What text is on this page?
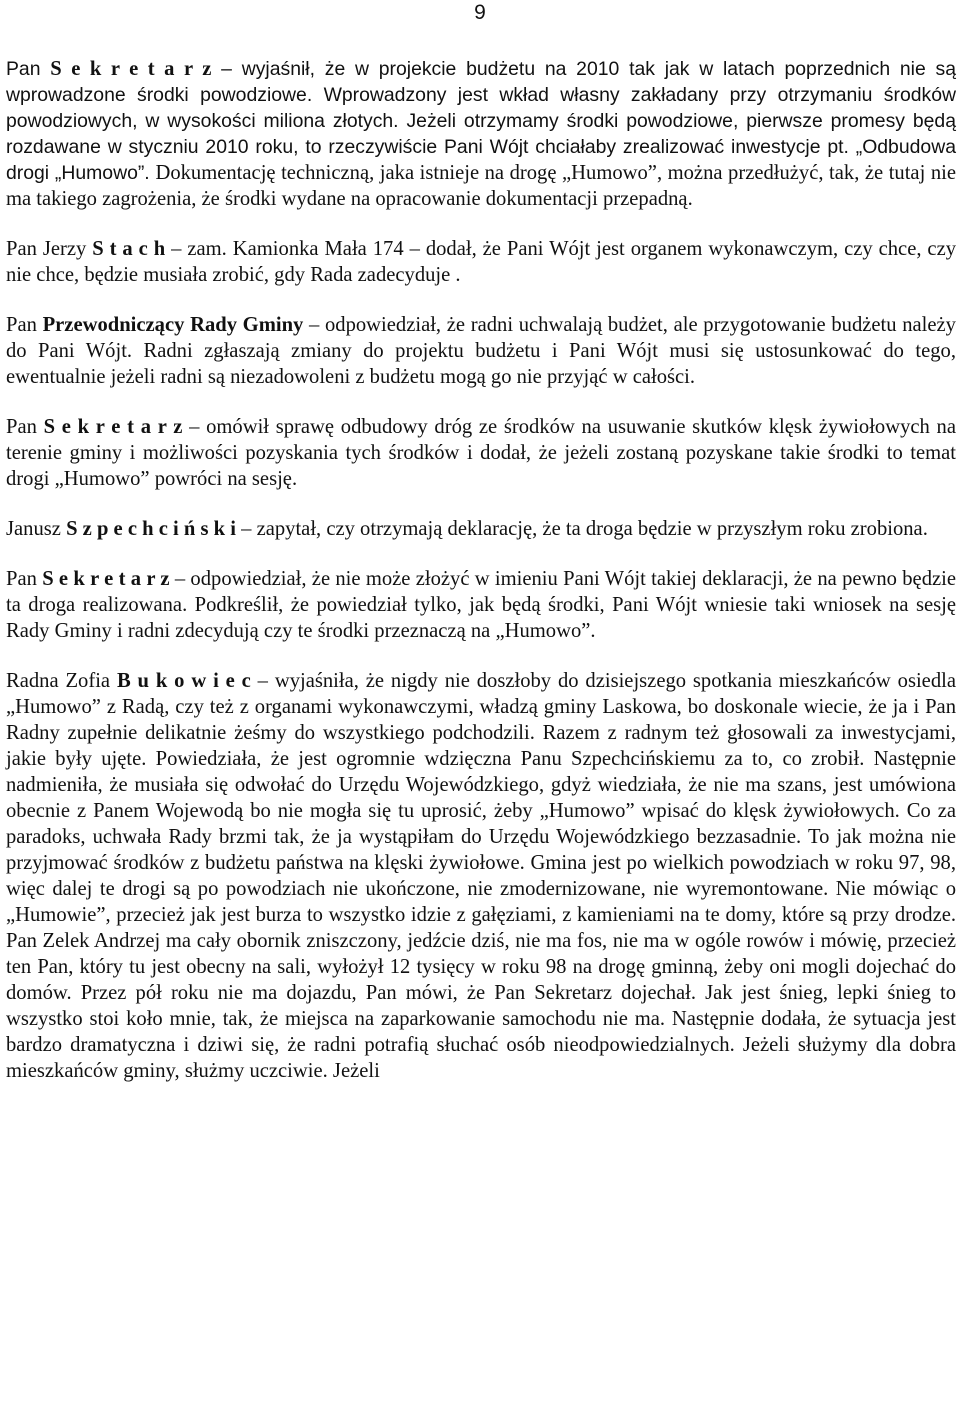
9

Pan S e k r e t a r z – wyjaśnił, że w projekcie budżetu na 2010 tak jak w latach poprzednich nie są wprowadzone środki powodziowe. Wprowadzony jest wkład własny zakładany przy otrzymaniu środków powodziowych, w wysokości miliona złotych. Jeżeli otrzymamy środki powodziowe, pierwsze promesy będą rozdawane w styczniu 2010 roku, to rzeczywiście Pani Wójt chciałaby zrealizować inwestycje pt. „Odbudowa drogi „Humowo”. Dokumentację techniczną, jaka istnieje na drogę „Humowo”, można przedłużyć, tak, że tutaj nie ma takiego zagrożenia, że środki wydane na opracowanie dokumentacji przepadną.

Pan Jerzy S t a c h – zam. Kamionka Mała 174 – dodał, że Pani Wójt jest organem wykonawczym, czy chce, czy nie chce, będzie musiała zrobić, gdy Rada zadecyduje .

Pan Przewodniczący Rady Gminy – odpowiedział, że radni uchwalają budżet, ale przygotowanie budżetu należy do Pani Wójt. Radni zgłaszają zmiany do projektu budżetu i Pani Wójt musi się ustosunkować do tego, ewentualnie jeżeli radni są niezadowoleni z budżetu mogą go nie przyjąć w całości.

Pan S e k r e t a r z – omówił sprawę odbudowy dróg ze środków na usuwanie skutków klęsk żywiołowych na terenie gminy i możliwości pozyskania tych środków i dodał, że jeżeli zostaną pozyskane takie środki to temat drogi „Humowo” powróci na sesję.

Janusz S z p e c h c i ń s k i – zapytał, czy otrzymają deklarację, że ta droga będzie w przyszłym roku zrobiona.

Pan S e k r e t a r z – odpowiedział, że nie może złożyć w imieniu Pani Wójt takiej deklaracji, że na pewno będzie ta droga realizowana. Podkreślił, że powiedział tylko, jak będą środki, Pani Wójt wniesie taki wniosek na sesję Rady Gminy i radni zdecydują czy te środki przeznaczą na „Humowo”.

Radna Zofia B u k o w i e c – wyjaśniła, że nigdy nie doszłoby do dzisiejszego spotkania mieszkańców osiedla „Humowo” z Radą, czy też z organami wykonawczymi, władzą gminy Laskowa, bo doskonale wiecie, że ja i Pan Radny zupełnie delikatnie żeśmy do wszystkiego podchodzili. Razem z radnym też głosowali za inwestycjami, jakie były ujęte. Powiedziała, że jest ogromnie wdzięczna Panu Szpechcińskiemu za to, co zrobił. Następnie nadmieniła, że musiała się odwołać do Urzędu Wojewódzkiego, gdyż wiedziała, że nie ma szans, jest umówiona obecnie z Panem Wojewodą bo nie mogła się tu uprosić, żeby „Humowo” wpisać do klęsk żywiołowych. Co za paradoks, uchwała Rady brzmi tak, że ja wystąpiłam do Urzędu Wojewódzkiego bezzasadnie. To jak można nie przyjmować środków z budżetu państwa na klęski żywiołowe. Gmina jest po wielkich powodziach w roku 97, 98, więc dalej te drogi są po powodziach nie ukończone, nie zmodernizowane, nie wyremontowane. Nie mówiąc o „Humowie”, przecież jak jest burza to wszystko idzie z gałęziami, z kamieniami na te domy, które są przy drodze. Pan Zelek Andrzej ma cały obornik zniszczony, jedźcie dziś, nie ma fos, nie ma w ogóle rowów i mówię, przecież ten Pan, który tu jest obecny na sali, wyłożył 12 tysięcy w roku 98 na drogę gminną, żeby oni mogli dojechać do domów. Przez pół roku nie ma dojazdu, Pan mówi, że Pan Sekretarz dojechał. Jak jest śnieg, lepki śnieg to wszystko stoi koło mnie, tak, że miejsca na zaparkowanie samochodu nie ma. Następnie dodała, że sytuacja jest bardzo dramatyczna i dziwi się, że radni potrafią słuchać osób nieodpowiedzialnych. Jeżeli służymy dla dobra mieszkańców gminy, służmy uczciwie. Jeżeli
